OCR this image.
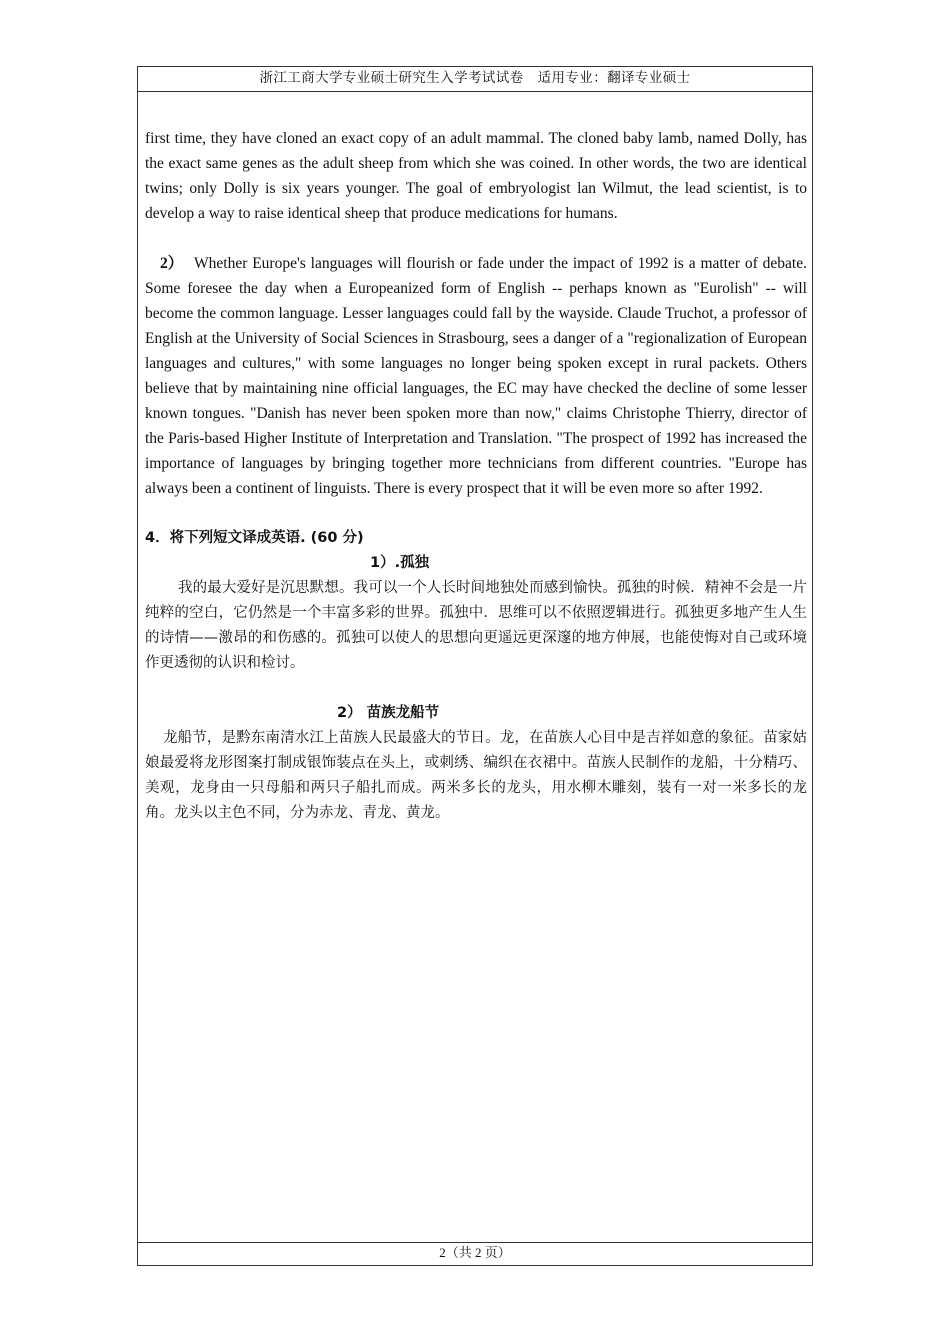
浙江工商大学专业硕士研究生入学考试试卷 适用专业：翻译专业硕士

first time, they have cloned an exact copy of an adult mammal. The cloned baby lamb, named Dolly, has the exact same genes as the adult sheep from which she was coined. In other words, the two are identical twins; only Dolly is six years younger. The goal of embryologist lan Wilmut, the lead scientist, is to develop a way to raise identical sheep that produce medications for humans.

2） Whether Europe's languages will flourish or fade under the impact of 1992 is a matter of debate. Some foresee the day when a Europeanized form of English -- perhaps known as "Eurolish" -- will become the common language. Lesser languages could fall by the wayside. Claude Truchot, a professor of English at the University of Social Sciences in Strasbourg, sees a danger of a "regionalization of European languages and cultures," with some languages no longer being spoken except in rural packets. Others believe that by maintaining nine official languages, the EC may have checked the decline of some lesser known tongues. "Danish has never been spoken more than now," claims Christophe Thierry, director of the Paris-based Higher Institute of Interpretation and Translation. "The prospect of 1992 has increased the importance of languages by bringing together more technicians from different countries. "Europe has always been a continent of linguists. There is every prospect that it will be even more so after 1992.

4．将下列短文译成英语. (60 分)

1）.孤独

我的最大爱好是沉思默想。我可以一个人长时间地独处而感到愉快。孤独的时候．精神不会是一片纯粹的空白，它仍然是一个丰富多彩的世界。孤独中．思维可以不依照逻辑进行。孤独更多地产生人生的诗情——激昂的和伤感的。孤独可以使人的思想向更遥远更深邃的地方伸展，也能使悔对自己或环境作更透彻的认识和检讨。

2） 苗族龙船节

龙船节，是黔东南清水江上苗族人民最盛大的节日。龙，在苗族人心目中是吉祥如意的象征。苗家姑娘最爱将龙形图案打制成银饰装点在头上，或刺绣、编织在衣裙中。苗族人民制作的龙船，十分精巧、美观，龙身由一只母船和两只子船扎而成。两米多长的龙头，用水柳木雕刻，装有一对一米多长的龙角。龙头以主色不同，分为赤龙、青龙、黄龙。

2（共 2 页）
